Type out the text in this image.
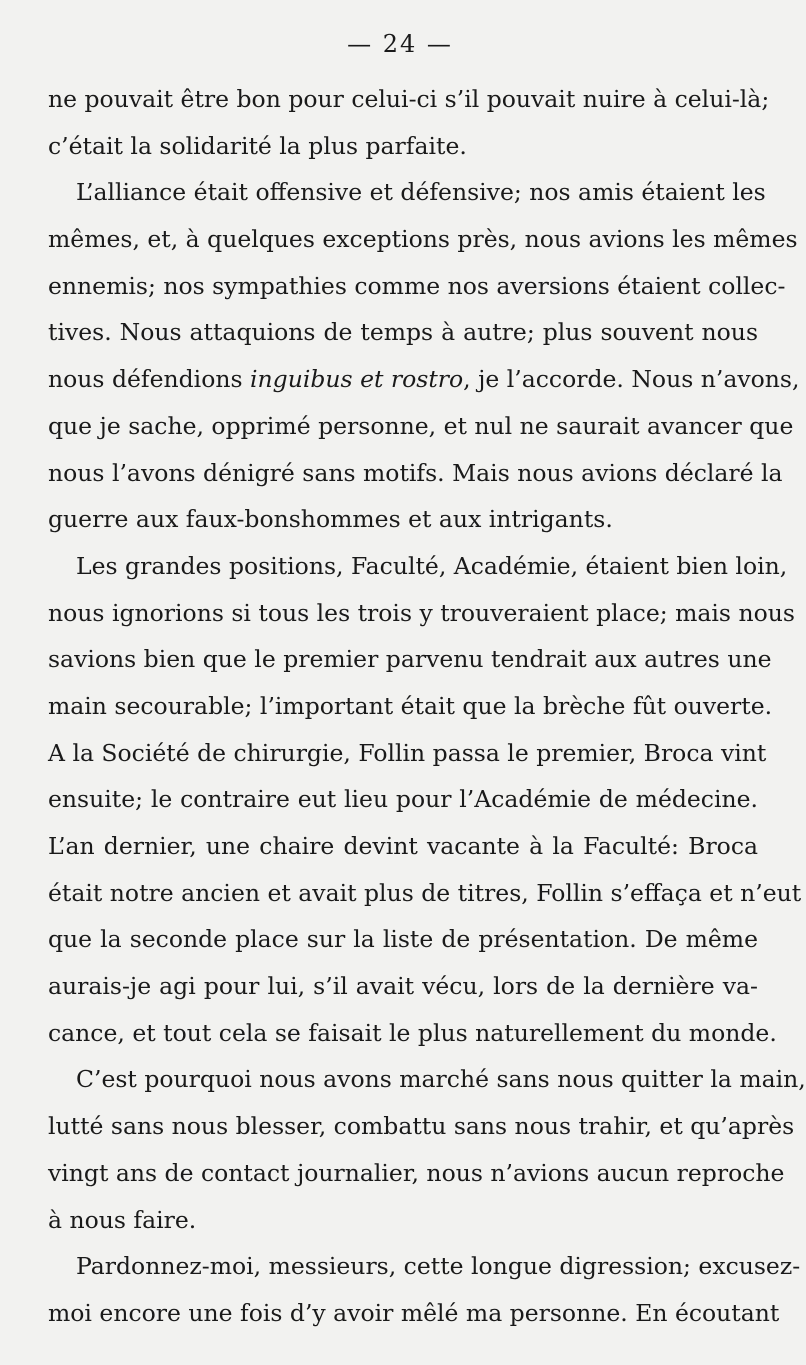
— 24 —
ne pouvait être bon pour celui-ci s’il pouvait nuire à celui-là;
c’était la solidarité la plus parfaite.
L’alliance était offensive et défensive; nos amis étaient les
mêmes, et, à quelques exceptions près, nous avions les mêmes
ennemis; nos sympathies comme nos aversions étaient collec-
tives. Nous attaquions de temps à autre; plus souvent nous
nous défendions inguibus et rostro, je l’accorde. Nous n’avons,
que je sache, opprimé personne, et nul ne saurait avancer que
nous l’avons dénigré sans motifs. Mais nous avions déclaré la
guerre aux faux-bonshommes et aux intrigants.
Les grandes positions, Faculté, Académie, étaient bien loin,
nous ignorions si tous les trois y trouveraient place; mais nous
savions bien que le premier parvenu tendrait aux autres une
main secourable; l’important était que la brèche fût ouverte.
A la Société de chirurgie, Follin passa le premier, Broca vint
ensuite; le contraire eut lieu pour l’Académie de médecine.
L’an dernier, une chaire devint vacante à la Faculté: Broca
était notre ancien et avait plus de titres, Follin s’effaça et n’eut
que la seconde place sur la liste de présentation. De même
aurais-je agi pour lui, s’il avait vécu, lors de la dernière va-
cance, et tout cela se faisait le plus naturellement du monde.
C’est pourquoi nous avons marché sans nous quitter la main,
lutté sans nous blesser, combattu sans nous trahir, et qu’après
vingt ans de contact journalier, nous n’avions aucun reproche
à nous faire.
Pardonnez-moi, messieurs, cette longue digression; excusez-
moi encore une fois d’y avoir mêlé ma personne. En écoutant
